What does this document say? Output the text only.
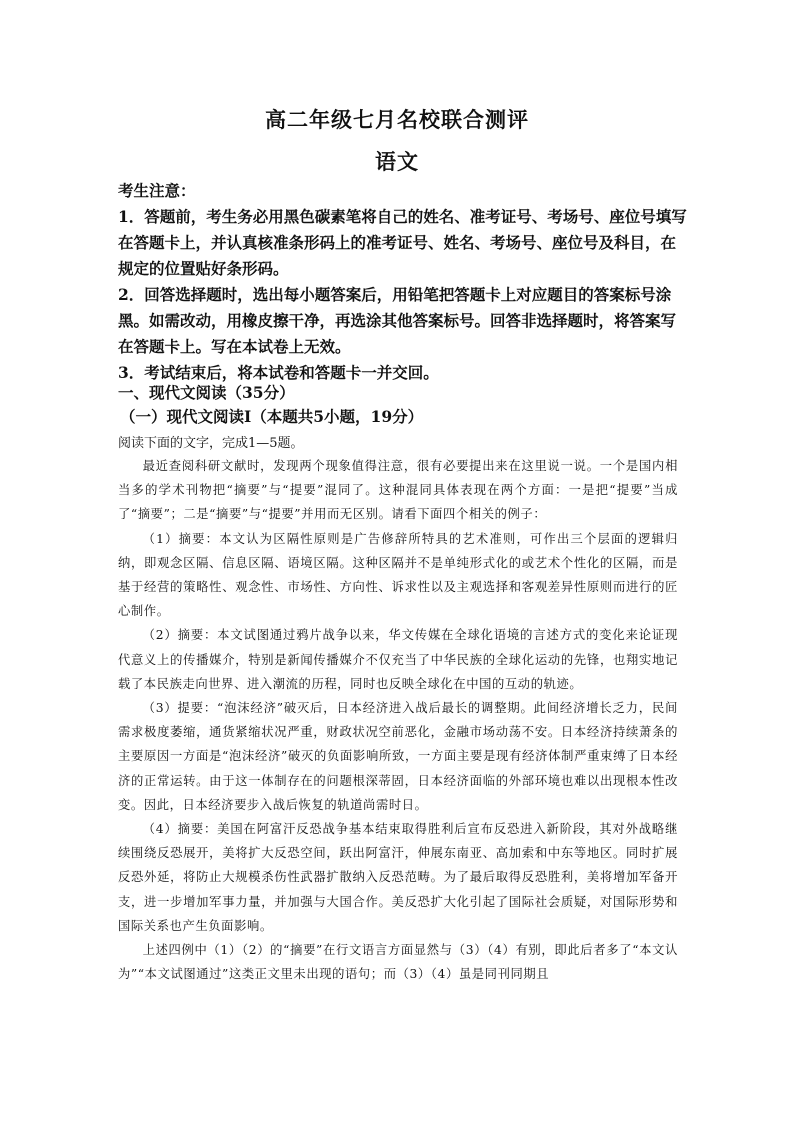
高二年级七月名校联合测评
语文

考生注意：

1．答题前，考生务必用黑色碳素笔将自己的姓名、准考证号、考场号、座位号填写在答题卡上，并认真核准条形码上的准考证号、姓名、考场号、座位号及科目，在规定的位置贴好条形码。

2．回答选择题时，选出每小题答案后，用铅笔把答题卡上对应题目的答案标号涂黑。如需改动，用橡皮擦干净，再选涂其他答案标号。回答非选择题时，将答案写在答题卡上。写在本试卷上无效。

3．考试结束后，将本试卷和答题卡一并交回。

一、现代文阅读（35分）
（一）现代文阅读Ⅰ（本题共5小题，19分）
阅读下面的文字，完成1—5题。

最近查阅科研文献时，发现两个现象值得注意，很有必要提出来在这里说一说。一个是国内相当多的学术刊物把“摘要”与“提要”混同了。这种混同具体表现在两个方面：一是把“提要”当成了“摘要”；二是“摘要”与“提要”并用而无区别。请看下面四个相关的例子：

（1）摘要：本文认为区隔性原则是广告修辞所特具的艺术准则，可作出三个层面的逻辑归纳，即观念区隔、信息区隔、语境区隔。这种区隔并不是单纯形式化的或艺术个性化的区隔，而是基于经营的策略性、观念性、市场性、方向性、诉求性以及主观选择和客观差异性原则而进行的匠心制作。

（2）摘要：本文试图通过鸦片战争以来，华文传媒在全球化语境的言述方式的变化来论证现代意义上的传播媒介，特别是新闻传播媒介不仅充当了中华民族的全球化运动的先锋，也翔实地记载了本民族走向世界、进入潮流的历程，同时也反映全球化在中国的互动的轨迹。

（3）提要：“泡沫经济”破灭后，日本经济进入战后最长的调整期。此间经济增长乏力，民间需求极度萎缩，通货紧缩状况严重，财政状况空前恶化，金融市场动荡不安。日本经济持续萧条的主要原因一方面是“泡沫经济”破灭的负面影响所致，一方面主要是现有经济体制严重束缚了日本经济的正常运转。由于这一体制存在的问题根深蒂固，日本经济面临的外部环境也难以出现根本性改变。因此，日本经济要步入战后恢复的轨道尚需时日。

（4）摘要：美国在阿富汗反恐战争基本结束取得胜利后宣布反恐进入新阶段，其对外战略继续围绕反恐展开，美将扩大反恐空间，跃出阿富汗，伸展东南亚、高加索和中东等地区。同时扩展反恐外延，将防止大规模杀伤性武器扩散纳入反恐范畴。为了最后取得反恐胜利，美将增加军备开支，进一步增加军事力量，并加强与大国合作。美反恐扩大化引起了国际社会质疑，对国际形势和国际关系也产生负面影响。

上述四例中（1）（2）的“摘要”在行文语言方面显然与（3）（4）有别，即此后者多了“本文认为”“本文试图通过”这类正文里未出现的语句；而（3）（4）虽是同刊同期且
